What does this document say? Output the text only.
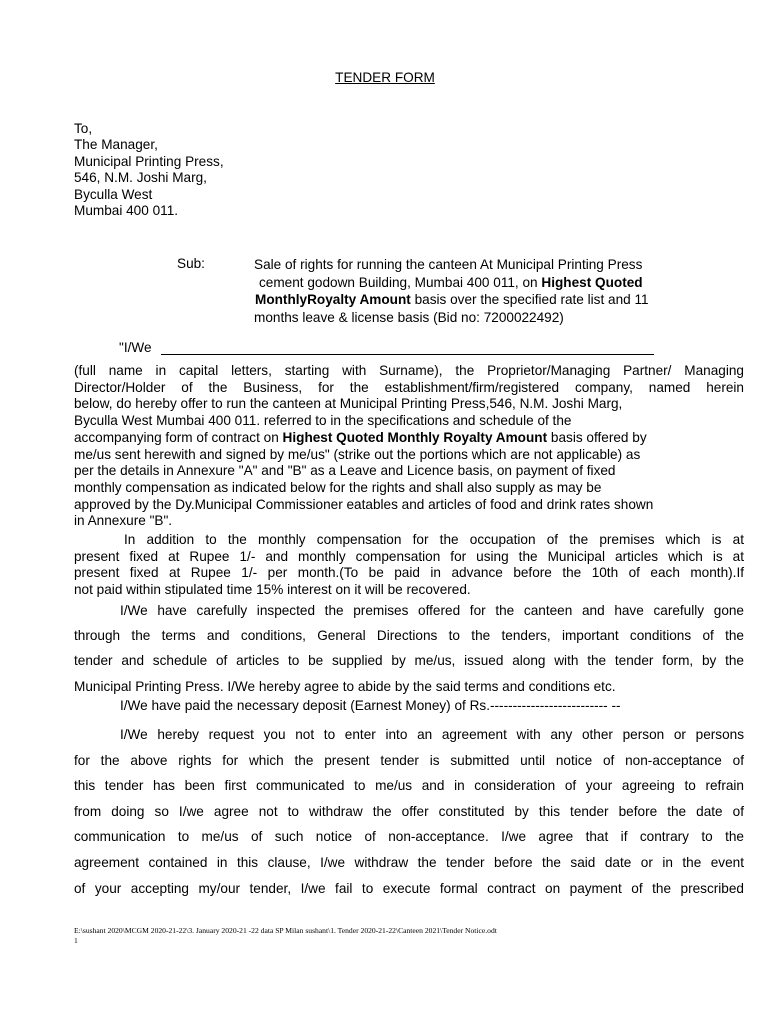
TENDER FORM
To,
The Manager,
Municipal Printing Press,
546, N.M. Joshi Marg,
Byculla West
Mumbai 400 011.
Sub:	Sale of rights for running the canteen At Municipal Printing Press
cement godown Building, Mumbai 400 011, on Highest Quoted
MonthlyRoyalty Amount basis over the specified rate list and 11
months leave & license basis (Bid no: 7200022492)
"I/We
(full name in capital letters, starting with Surname), the Proprietor/Managing Partner/ Managing
Director/Holder of the Business, for the establishment/firm/registered company, named herein
below, do hereby offer to run the canteen at Municipal Printing Press,546, N.M. Joshi Marg,
Byculla West Mumbai 400 011. referred to in the specifications and schedule of the
accompanying form of contract on Highest Quoted Monthly Royalty Amount basis offered by
me/us sent herewith and signed by me/us" (strike out the portions which are not applicable) as
per the details in Annexure "A" and "B" as a Leave and Licence basis, on payment of fixed
monthly compensation as indicated below for the rights and shall also supply as may be
approved by the Dy.Municipal Commissioner eatables and articles of food and drink rates shown
in Annexure "B".
In addition to the monthly compensation for the occupation of the premises which is at
present fixed at Rupee 1/- and monthly compensation for using the Municipal articles which is at
present fixed at Rupee 1/- per month.(To be paid in advance before the 10th of each month).If
not paid within stipulated time 15% interest on it will be recovered.
I/We have carefully inspected the premises offered for the canteen and have carefully gone
through the terms and conditions, General Directions to the tenders, important conditions of the
tender and schedule of articles to be supplied by me/us, issued along with the tender form, by the
Municipal Printing Press. I/We hereby agree to abide by the said terms and conditions etc.
I/We have paid the necessary deposit (Earnest Money) of Rs.-------------------------- --
I/We hereby request you not to enter into an agreement with any other person or persons
for the above rights for which the present tender is submitted until notice of non-acceptance of
this tender has been first communicated to me/us and in consideration of your agreeing to refrain
from doing so I/we agree not to withdraw the offer constituted by this tender before the date of
communication to me/us of such notice of non-acceptance. I/we agree that if contrary to the
agreement contained in this clause, I/we withdraw the tender before the said date or in the event
of your accepting my/our tender, I/we fail to execute formal contract on payment of the prescribed
E:\sushant 2020\MCGM 2020-21-22\3. January 2020-21 -22 data SP Milan sushant\1. Tender 2020-21-22\Canteen 2021\Tender Notice.odt
1
